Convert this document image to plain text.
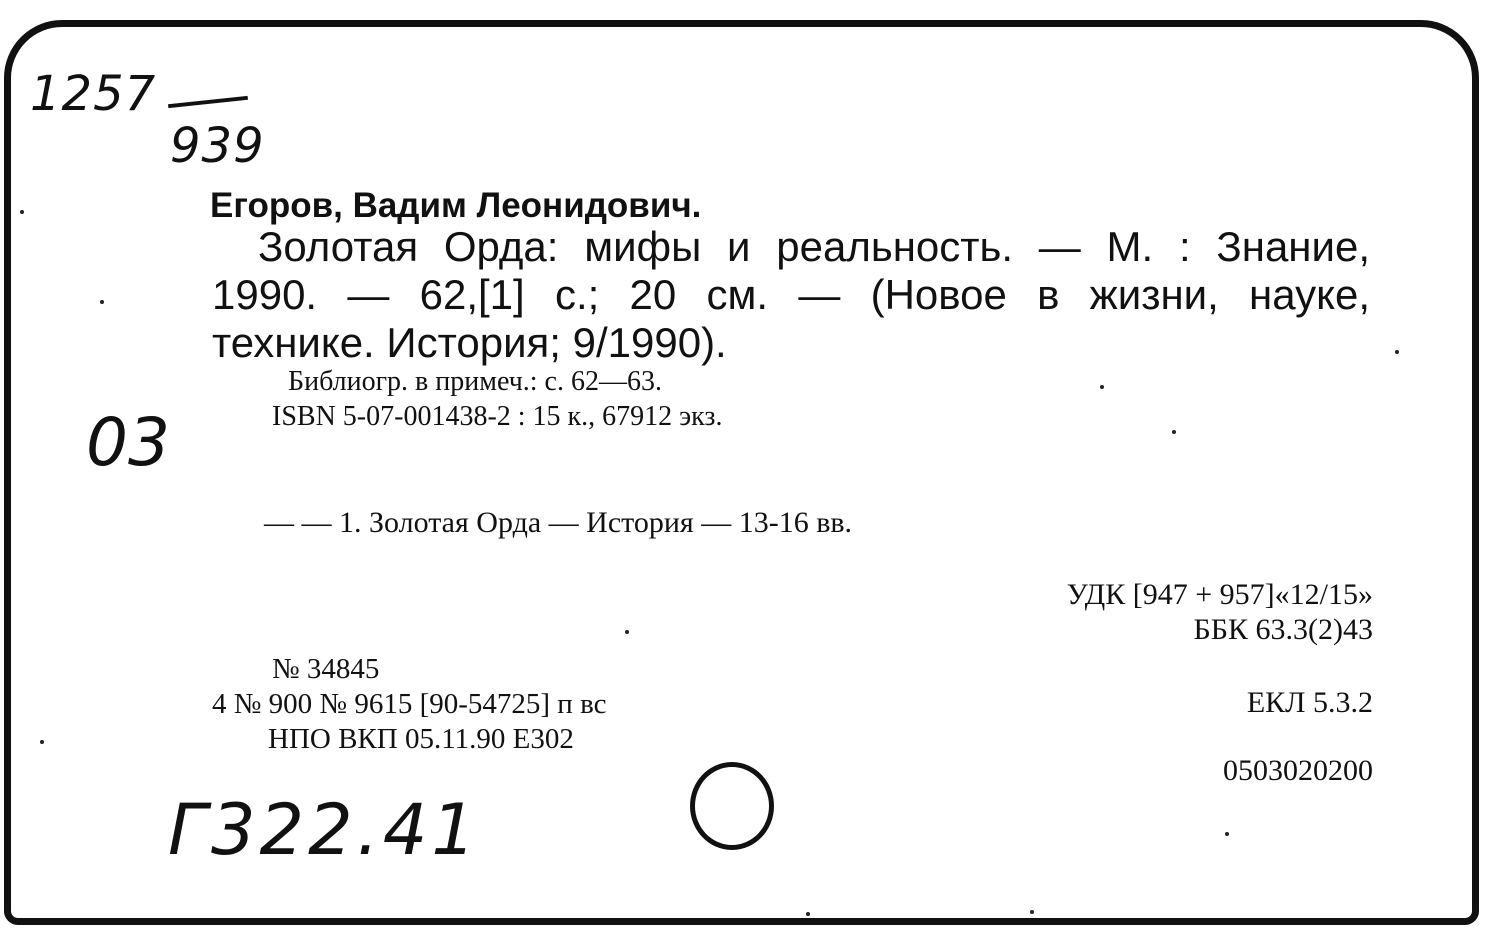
1257
939
Егоров, Вадим Леонидович.
Золотая Орда: мифы и реальность. — М. : Знание,
1990. — 62,[1] с.; 20 см. — (Новое в жизни, науке,
технике. История; 9/1990).
Библиогр. в примеч.: с. 62—63.
ISBN 5-07-001438-2 : 15 к., 67912 экз.
03
— — 1. Золотая Орда — История — 13-16 вв.
УДК [947 + 957]«12/15»
ББК 63.3(2)43
№ 34845
4 № 900 № 9615 [90-54725] п вс
НПО ВКП 05.11.90 Е302
ЕКЛ 5.3.2
0503020200
Г322.41
